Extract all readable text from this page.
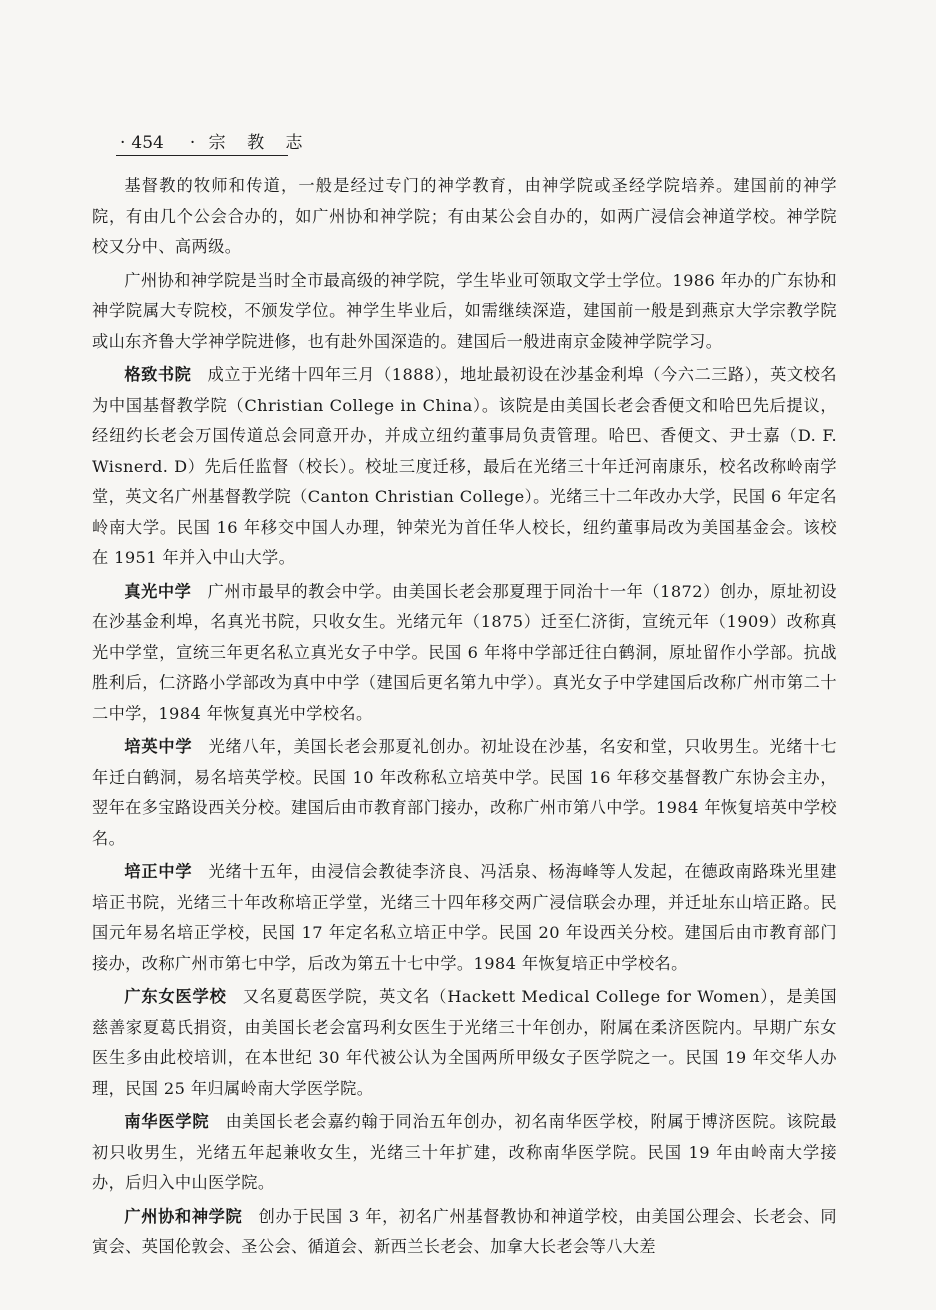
· 454 · 宗 教 志

基督教的牧师和传道，一般是经过专门的神学教育，由神学院或圣经学院培养。建国前的神学院，有由几个公会合办的，如广州协和神学院；有由某公会自办的，如两广浸信会神道学校。神学院校又分中、高两级。

广州协和神学院是当时全市最高级的神学院，学生毕业可领取文学士学位。1986 年办的广东协和神学院属大专院校，不颁发学位。神学生毕业后，如需继续深造，建国前一般是到燕京大学宗教学院或山东齐鲁大学神学院进修，也有赴外国深造的。建国后一般进南京金陵神学院学习。

格致书院 成立于光绪十四年三月（1888），地址最初设在沙基金利埠（今六二三路），英文校名为中国基督教学院（Christian College in China）。该院是由美国长老会香便文和哈巴先后提议，经纽约长老会万国传道总会同意开办，并成立纽约董事局负责管理。哈巴、香便文、尹士嘉（D. F. Wisnerd. D）先后任监督（校长）。校址三度迁移，最后在光绪三十年迁河南康乐，校名改称岭南学堂，英文名广州基督教学院（Canton Christian College）。光绪三十二年改办大学，民国 6 年定名岭南大学。民国 16 年移交中国人办理，钟荣光为首任华人校长，纽约董事局改为美国基金会。该校在 1951 年并入中山大学。

真光中学 广州市最早的教会中学。由美国长老会那夏理于同治十一年（1872）创办，原址初设在沙基金利埠，名真光书院，只收女生。光绪元年（1875）迁至仁济街，宣统元年（1909）改称真光中学堂，宣统三年更名私立真光女子中学。民国 6 年将中学部迁往白鹤洞，原址留作小学部。抗战胜利后，仁济路小学部改为真中中学（建国后更名第九中学）。真光女子中学建国后改称广州市第二十二中学，1984 年恢复真光中学校名。

培英中学 光绪八年，美国长老会那夏礼创办。初址设在沙基，名安和堂，只收男生。光绪十七年迁白鹤洞，易名培英学校。民国 10 年改称私立培英中学。民国 16 年移交基督教广东协会主办，翌年在多宝路设西关分校。建国后由市教育部门接办，改称广州市第八中学。1984 年恢复培英中学校名。

培正中学 光绪十五年，由浸信会教徒李济良、冯活泉、杨海峰等人发起，在德政南路珠光里建培正书院，光绪三十年改称培正学堂，光绪三十四年移交两广浸信联会办理，并迁址东山培正路。民国元年易名培正学校，民国 17 年定名私立培正中学。民国 20 年设西关分校。建国后由市教育部门接办，改称广州市第七中学，后改为第五十七中学。1984 年恢复培正中学校名。

广东女医学校 又名夏葛医学院，英文名（Hackett Medical College for Women），是美国慈善家夏葛氏捐资，由美国长老会富玛利女医生于光绪三十年创办，附属在柔济医院内。早期广东女医生多由此校培训，在本世纪 30 年代被公认为全国两所甲级女子医学院之一。民国 19 年交华人办理，民国 25 年归属岭南大学医学院。

南华医学院 由美国长老会嘉约翰于同治五年创办，初名南华医学校，附属于博济医院。该院最初只收男生，光绪五年起兼收女生，光绪三十年扩建，改称南华医学院。民国 19 年由岭南大学接办，后归入中山医学院。

广州协和神学院 创办于民国 3 年，初名广州基督教协和神道学校，由美国公理会、长老会、同寅会、英国伦敦会、圣公会、循道会、新西兰长老会、加拿大长老会等八大差
